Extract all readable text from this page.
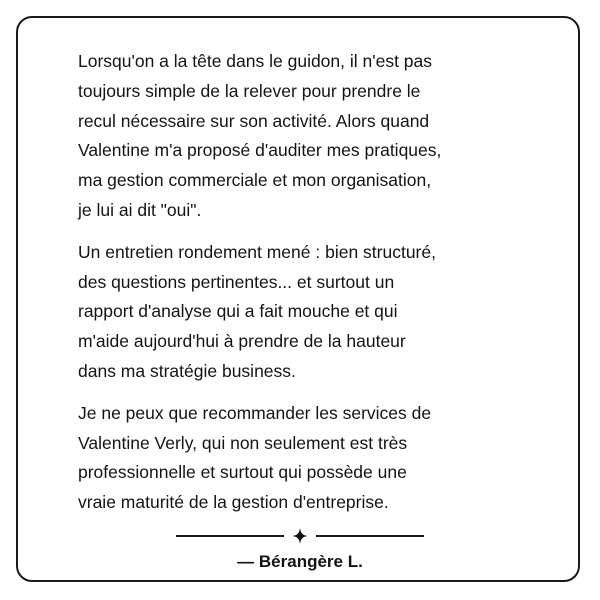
Lorsqu'on a la tête dans le guidon, il n'est pas
toujours simple de la relever pour prendre le
recul nécessaire sur son activité. Alors quand
Valentine m'a proposé d'auditer mes pratiques,
ma gestion commerciale et mon organisation,
je lui ai dit "oui".

Un entretien rondement mené : bien structuré,
des questions pertinentes... et surtout un
rapport d'analyse qui a fait mouche et qui
m'aide aujourd'hui à prendre de la hauteur
dans ma stratégie business.

Je ne peux que recommander les services de
Valentine Verly, qui non seulement est très
professionnelle et surtout qui possède une
vraie maturité de la gestion d'entreprise.

— Bérangère L.
